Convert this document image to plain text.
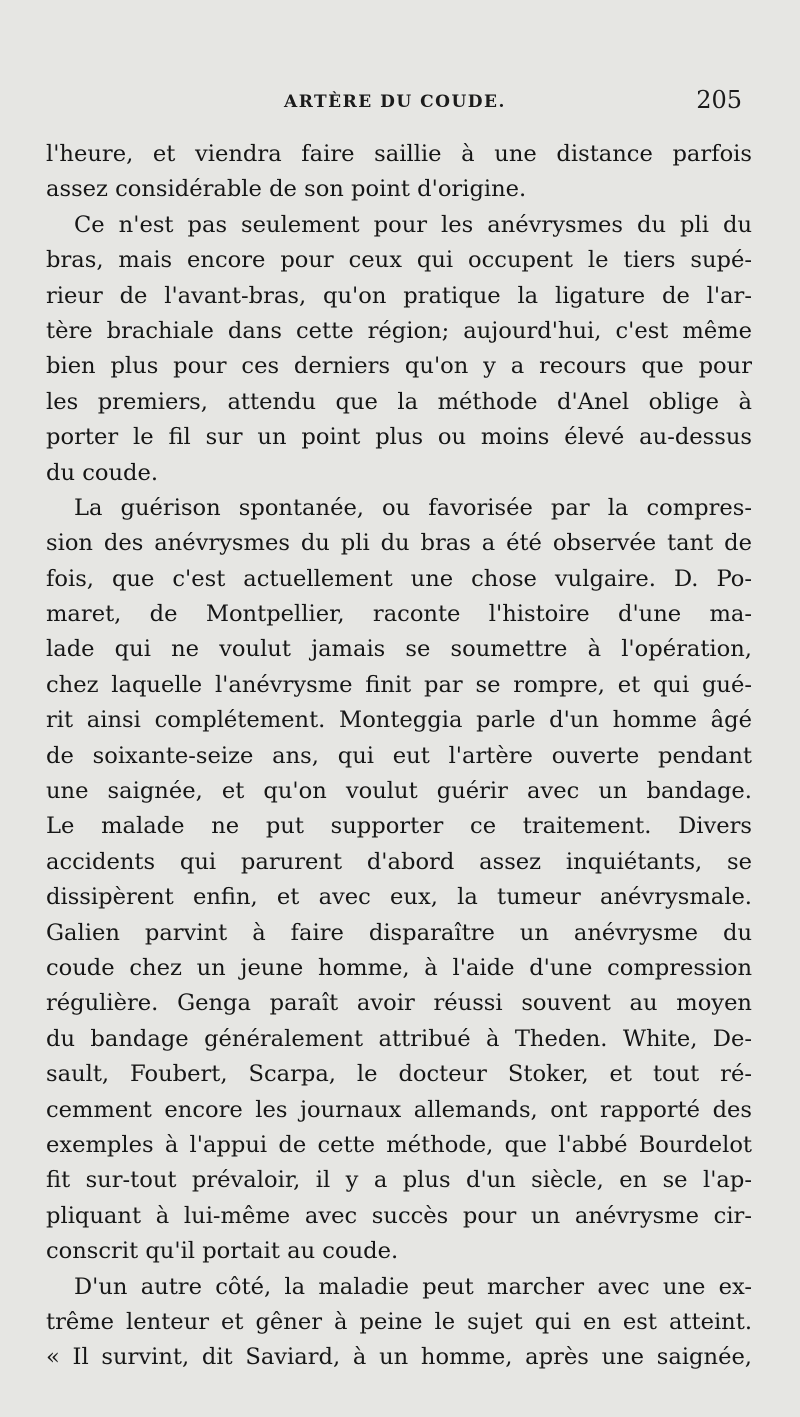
ARTÈRE DU COUDE.	205
l'heure, et viendra faire saillie à une distance parfois
assez considérable de son point d'origine.
Ce n'est pas seulement pour les anévrysmes du pli du
bras, mais encore pour ceux qui occupent le tiers supé-
rieur de l'avant-bras, qu'on pratique la ligature de l'ar-
tère brachiale dans cette région; aujourd'hui, c'est même
bien plus pour ces derniers qu'on y a recours que pour
les premiers, attendu que la méthode d'Anel oblige à
porter le fil sur un point plus ou moins élevé au-dessus
du coude.
La guérison spontanée, ou favorisée par la compres-
sion des anévrysmes du pli du bras a été observée tant de
fois, que c'est actuellement une chose vulgaire. D. Po-
maret, de Montpellier, raconte l'histoire d'une ma-
lade qui ne voulut jamais se soumettre à l'opération,
chez laquelle l'anévrysme finit par se rompre, et qui gué-
rit ainsi complétement. Monteggia parle d'un homme âgé
de soixante-seize ans, qui eut l'artère ouverte pendant
une saignée, et qu'on voulut guérir avec un bandage.
Le malade ne put supporter ce traitement. Divers
accidents qui parurent d'abord assez inquiétants, se
dissipèrent enfin, et avec eux, la tumeur anévrysmale.
Galien parvint à faire disparaître un anévrysme du
coude chez un jeune homme, à l'aide d'une compression
régulière. Genga paraît avoir réussi souvent au moyen
du bandage généralement attribué à Theden. White, De-
sault, Foubert, Scarpa, le docteur Stoker, et tout ré-
cemment encore les journaux allemands, ont rapporté des
exemples à l'appui de cette méthode, que l'abbé Bourdelot
fit sur-tout prévaloir, il y a plus d'un siècle, en se l'ap-
pliquant à lui-même avec succès pour un anévrysme cir-
conscrit qu'il portait au coude.
D'un autre côté, la maladie peut marcher avec une ex-
trême lenteur et gêner à peine le sujet qui en est atteint.
« Il survint, dit Saviard, à un homme, après une saignée,
